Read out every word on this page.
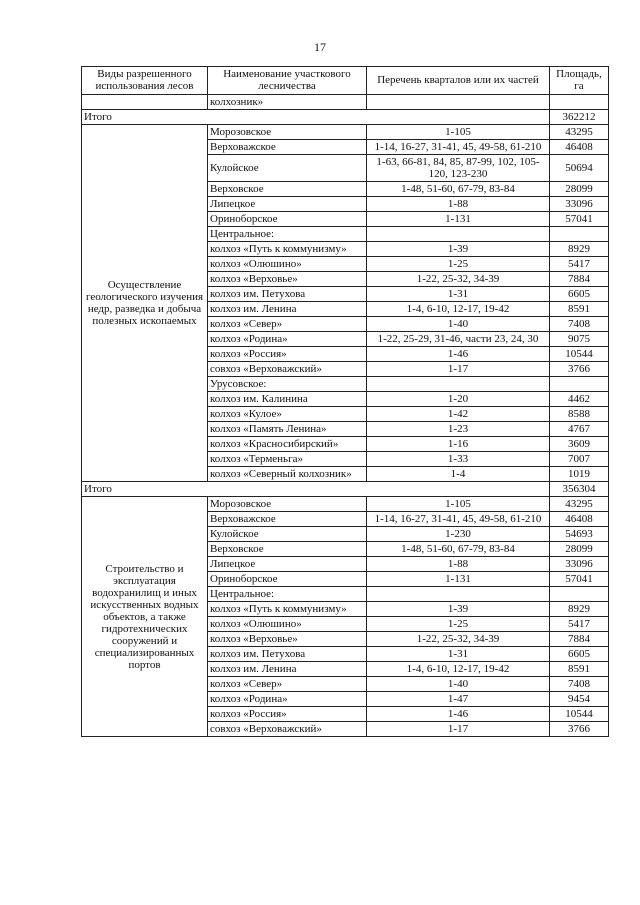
17
Виды разрешенного использования лесов	Наименование участкового лесничества	Перечень кварталов или их частей	Площадь, га
	колхозник»		
Итого			362212
Осуществление геологического изучения недр, разведка и добыча полезных ископаемых	Морозовское	1-105	43295
	Верховажское	1-14, 16-27, 31-41, 45, 49-58, 61-210	46408
	Кулойское	1-63, 66-81, 84, 85, 87-99, 102, 105-120, 123-230	50694
	Верховское	1-48, 51-60, 67-79, 83-84	28099
	Липецкое	1-88	33096
	Ориноборское	1-131	57041
	Центральное:		
	колхоз «Путь к коммунизму»	1-39	8929
	колхоз «Олюшино»	1-25	5417
	колхоз «Верховье»	1-22, 25-32, 34-39	7884
	колхоз им. Петухова	1-31	6605
	колхоз им. Ленина	1-4, 6-10, 12-17, 19-42	8591
	колхоз «Север»	1-40	7408
	колхоз «Родина»	1-22, 25-29, 31-46, части 23, 24, 30	9075
	колхоз «Россия»	1-46	10544
	совхоз «Верховажский»	1-17	3766
	Урусовское:		
	колхоз им. Калинина	1-20	4462
	колхоз «Кулое»	1-42	8588
	колхоз «Память Ленина»	1-23	4767
	колхоз «Красносибирский»	1-16	3609
	колхоз «Терменьга»	1-33	7007
	колхоз «Северный колхозник»	1-4	1019
Итого			356304
Строительство и эксплуатация водохранилищ и иных искусственных водных объектов, а также гидротехнических сооружений и специализированных портов	Морозовское	1-105	43295
	Верховажское	1-14, 16-27, 31-41, 45, 49-58, 61-210	46408
	Кулойское	1-230	54693
	Верховское	1-48, 51-60, 67-79, 83-84	28099
	Липецкое	1-88	33096
	Ориноборское	1-131	57041
	Центральное:		
	колхоз «Путь к коммунизму»	1-39	8929
	колхоз «Олюшино»	1-25	5417
	колхоз «Верховье»	1-22, 25-32, 34-39	7884
	колхоз им. Петухова	1-31	6605
	колхоз им. Ленина	1-4, 6-10, 12-17, 19-42	8591
	колхоз «Север»	1-40	7408
	колхоз «Родина»	1-47	9454
	колхоз «Россия»	1-46	10544
	совхоз «Верховажский»	1-17	3766
